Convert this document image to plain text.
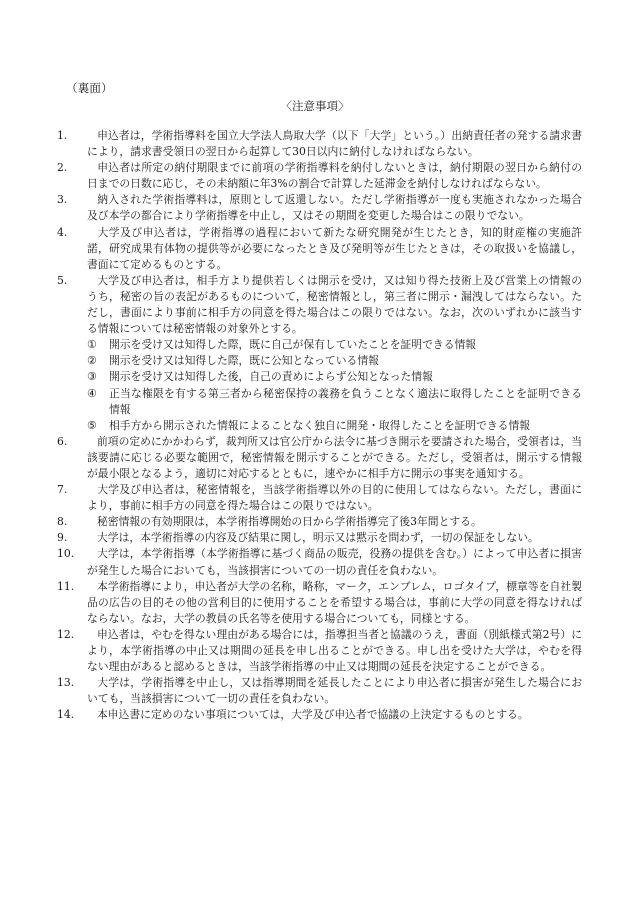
（裏面）
〈注意事項〉
1.	申込者は，学術指導料を国立大学法人鳥取大学（以下「大学」という。）出納責任者の発する請求書により，請求書受領日の翌日から起算して30日以内に納付しなければならない。
2.	申込者は所定の納付期限までに前項の学術指導料を納付しないときは，納付期限の翌日から納付の日までの日数に応じ，その未納額に年3%の割合で計算した延滞金を納付しなければならない。
3.	納入された学術指導料は，原則として返還しない。ただし学術指導が一度も実施されなかった場合及び本学の都合により学術指導を中止し，又はその期間を変更した場合はこの限りでない。
4.	大学及び申込者は，学術指導の過程において新たな研究開発が生じたとき，知的財産権の実施許諾，研究成果有体物の提供等が必要になったとき及び発明等が生じたときは，その取扱いを協議し，書面にて定めるものとする。
5.	大学及び申込者は，相手方より提供若しくは開示を受け，又は知り得た技術上及び営業上の情報のうち，秘密の旨の表記があるものについて，秘密情報とし，第三者に開示・漏洩してはならない。ただし，書面により事前に相手方の同意を得た場合はこの限りではない。なお，次のいずれかに該当する情報については秘密情報の対象外とする。
①	開示を受け又は知得した際，既に自己が保有していたことを証明できる情報
②	開示を受け又は知得した際，既に公知となっている情報
③	開示を受け又は知得した後，自己の責めによらず公知となった情報
④	正当な権限を有する第三者から秘密保持の義務を負うことなく適法に取得したことを証明できる情報
⑤	相手方から開示された情報によることなく独自に開発・取得したことを証明できる情報
6.	前項の定めにかかわらず，裁判所又は官公庁から法令に基づき開示を要請された場合，受領者は，当該要請に応じる必要な範囲で，秘密情報を開示することができる。ただし，受領者は，開示する情報が最小限となるよう，適切に対応するとともに，速やかに相手方に開示の事実を通知する。
7.	大学及び申込者は，秘密情報を，当該学術指導以外の目的に使用してはならない。ただし，書面により，事前に相手方の同意を得た場合はこの限りではない。
8.	秘密情報の有効期限は，本学術指導開始の日から学術指導完了後3年間とする。
9.	大学は，本学術指導の内容及び結果に関し，明示又は黙示を問わず，一切の保証をしない。
10.	大学は，本学術指導（本学術指導に基づく商品の販売，役務の提供を含む。）によって申込者に損害が発生した場合においても，当該損害についての一切の責任を負わない。
11.	本学術指導により，申込者が大学の名称，略称，マーク，エンブレム，ロゴタイプ，標章等を自社製品の広告の目的その他の営利目的に使用することを希望する場合は，事前に大学の同意を得なければならない。なお，大学の教員の氏名等を使用する場合についても，同様とする。
12.	申込者は，やむを得ない理由がある場合には，指導担当者と協議のうえ，書面（別紙様式第2号）により，本学術指導の中止又は期間の延長を申し出ることができる。申し出を受けた大学は，やむを得ない理由があると認めるときは，当該学術指導の中止又は期間の延長を決定することができる。
13.	大学は，学術指導を中止し，又は指導期間を延長したことにより申込者に損害が発生した場合においても，当該損害について一切の責任を負わない。
14.	本申込書に定めのない事項については，大学及び申込者で協議の上決定するものとする。
